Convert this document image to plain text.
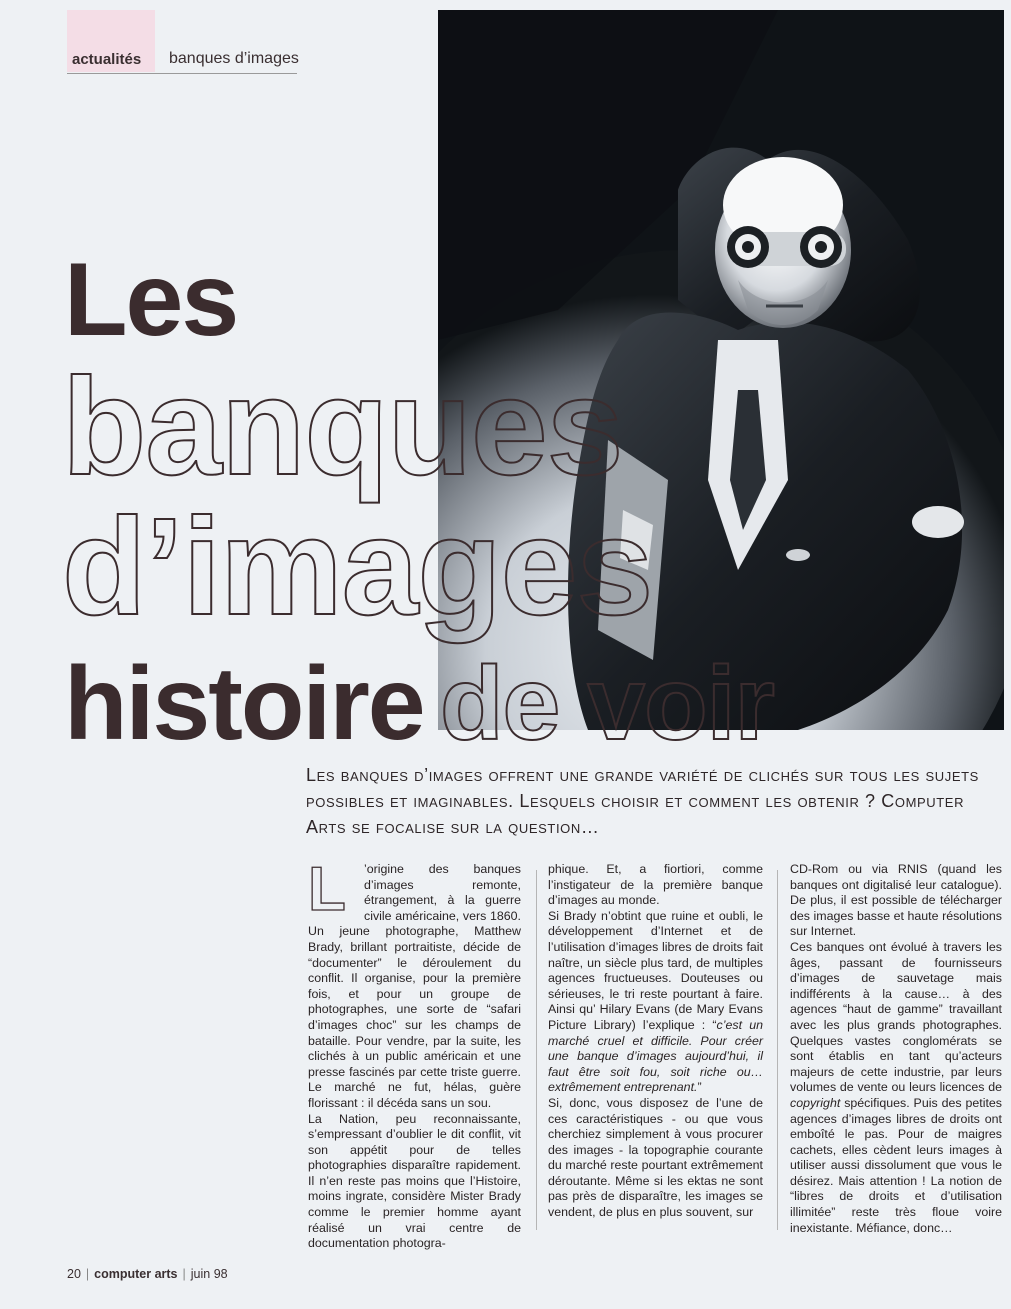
actualités banques d’images
Les
banques
d’images
histoire de voir
Les banques d’images offrent une grande variété de clichés sur tous les sujets possibles et imaginables. Lesquels choisir et comment les obtenir ? Computer Arts se focalise sur la question…
L	’origine des banques d’images remonte, étrangement, à la guerre civile américaine, vers 1860. Un jeune photographe, Matthew Brady, brillant portraitiste, décide de “documenter” le déroulement du conflit. Il organise, pour la première fois, et pour un groupe de photographes, une sorte de “safari d’images choc” sur les champs de bataille. Pour vendre, par la suite, les clichés à un public américain et une presse fascinés par cette triste guerre. Le marché ne fut, hélas, guère florissant : il décéda sans un sou.

La Nation, peu reconnaissante, s’empressant d’oublier le dit conflit, vit son appétit pour de telles photographies disparaître rapidement. Il n’en reste pas moins que l’Histoire, moins ingrate, considère Mister Brady comme le premier homme ayant réalisé un vrai centre de documentation photogra-

phique. Et, a fiortiori, comme l’instigateur de la première banque d’images au monde.

Si Brady n’obtint que ruine et oubli, le développement d’Internet et de l’utilisation d’images libres de droits fait naître, un siècle plus tard, de multiples agences fructueuses. Douteuses ou sérieuses, le tri reste pourtant à faire. Ainsi qu’ Hilary Evans (de Mary Evans Picture Library) l’explique : “c’est un marché cruel et difficile. Pour créer une banque d’images aujourd’hui, il faut être soit fou, soit riche ou… extrêmement entreprenant.”

Si, donc, vous disposez de l’une de ces caractéristiques - ou que vous cherchiez simplement à vous procurer des images - la topographie courante du marché reste pourtant extrêmement déroutante. Même si les ektas ne sont pas près de disparaître, les images se vendent, de plus en plus souvent, sur

CD-Rom ou via RNIS (quand les banques ont digitalisé leur catalogue). De plus, il est possible de télécharger des images basse et haute résolutions sur Internet.

Ces banques ont évolué à travers les âges, passant de fournisseurs d’images de sauvetage mais indifférents à la cause… à des agences “haut de gamme” travaillant avec les plus grands photographes. Quelques vastes conglomérats se sont établis en tant qu’acteurs majeurs de cette industrie, par leurs volumes de vente ou leurs licences de copyright spécifiques. Puis des petites agences d’images libres de droits ont emboîté le pas. Pour de maigres cachets, elles cèdent leurs images à utiliser aussi dissolument que vous le désirez. Mais attention ! La notion de “libres de droits et d’utilisation illimitée” reste très floue voire inexistante. Méfiance, donc…

20 | computer arts | juin 98
